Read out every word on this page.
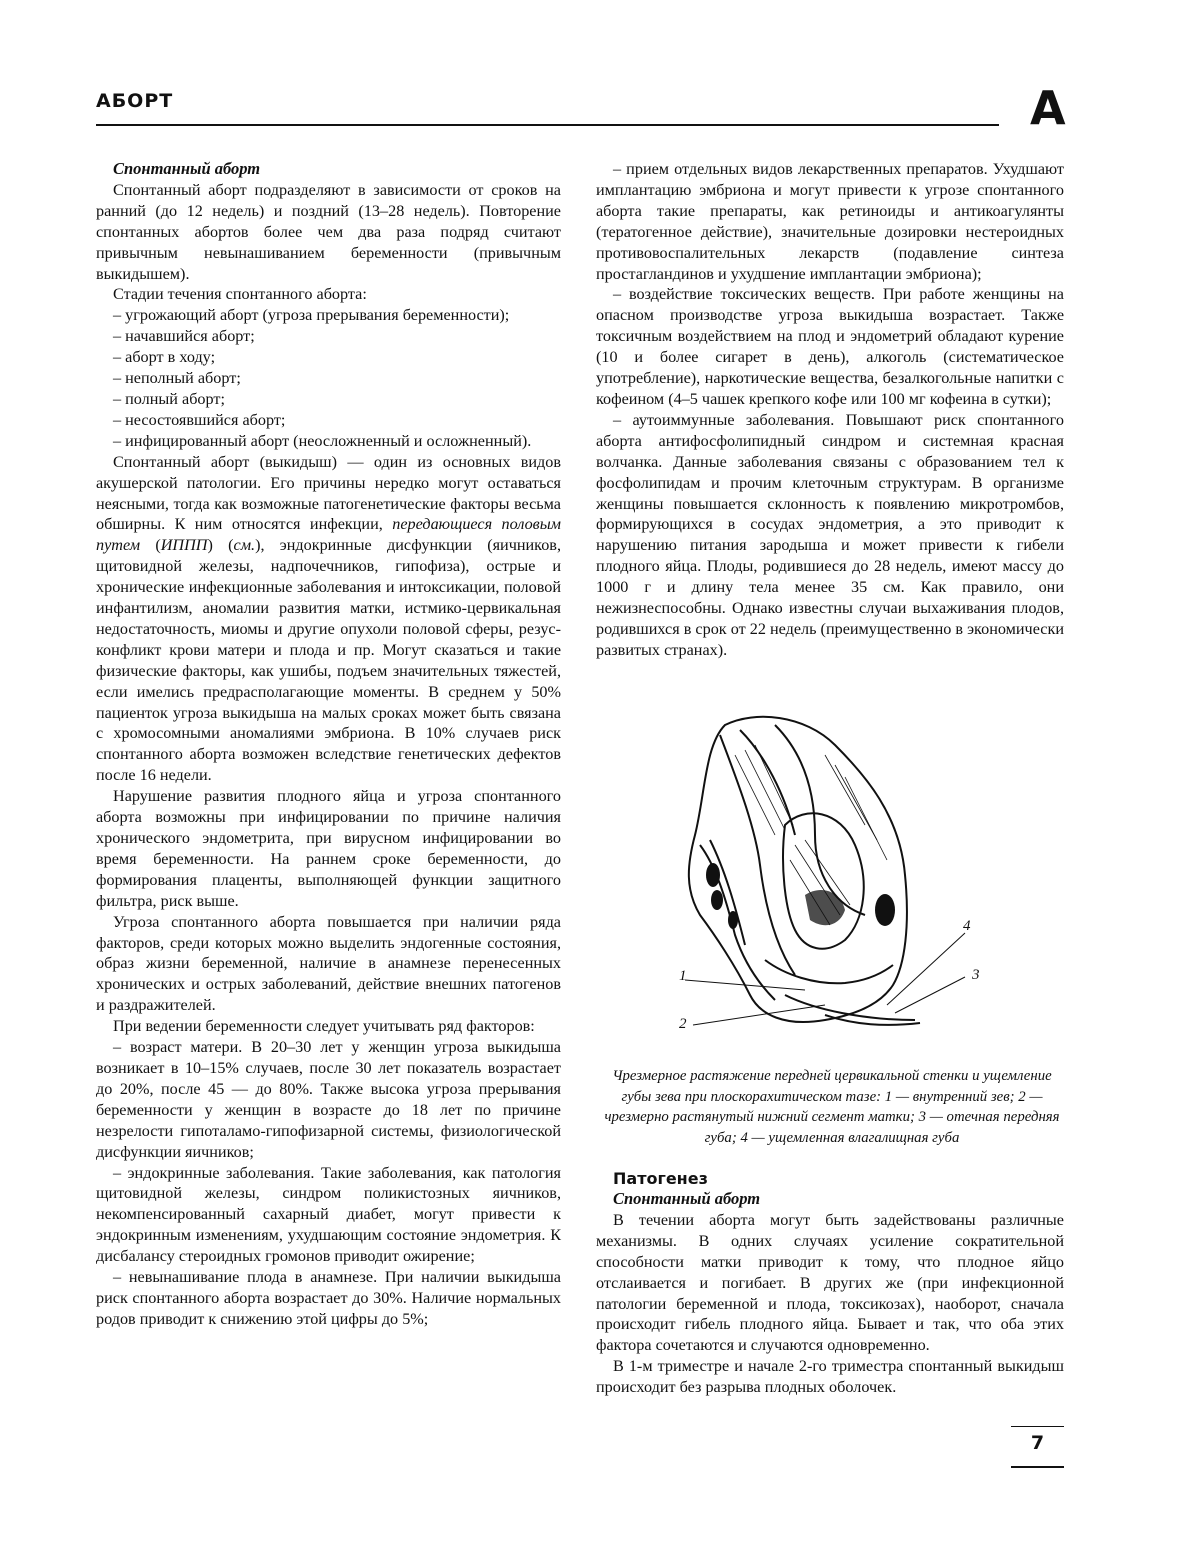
АБОРТ	А

Спонтанный аборт

Спонтанный аборт подразделяют в зависимости от сроков на ранний (до 12 недель) и поздний (13–28 недель). Повторение спонтанных абортов более чем два раза подряд считают привычным невынашиванием беременности (привычным выкидышем).

Стадии течения спонтанного аборта:

– угрожающий аборт (угроза прерывания беременности);

– начавшийся аборт;

– аборт в ходу;

– неполный аборт;

– полный аборт;

– несостоявшийся аборт;

– инфицированный аборт (неосложненный и осложненный).

Спонтанный аборт (выкидыш) — один из основных видов акушерской патологии. Его причины нередко могут оставаться неясными, тогда как возможные патогенетические факторы весьма обширны. К ним относятся инфекции, передающиеся половым путем (ИППП) (см.), эндокринные дисфункции (яичников, щитовидной железы, надпочечников, гипофиза), острые и хронические инфекционные заболевания и интоксикации, половой инфантилизм, аномалии развития матки, истмико-цервикальная недостаточность, миомы и другие опухоли половой сферы, резус-конфликт крови матери и плода и пр. Могут сказаться и такие физические факторы, как ушибы, подъем значительных тяжестей, если имелись предрасполагающие моменты. В среднем у 50% пациенток угроза выкидыша на малых сроках может быть связана с хромосомными аномалиями эмбриона. В 10% случаев риск спонтанного аборта возможен вследствие генетических дефектов после 16 недели.

Нарушение развития плодного яйца и угроза спонтанного аборта возможны при инфицировании по причине наличия хронического эндометрита, при вирусном инфицировании во время беременности. На раннем сроке беременности, до формирования плаценты, выполняющей функции защитного фильтра, риск выше.

Угроза спонтанного аборта повышается при наличии ряда факторов, среди которых можно выделить эндогенные состояния, образ жизни беременной, наличие в анамнезе перенесенных хронических и острых заболеваний, действие внешних патогенов и раздражителей.

При ведении беременности следует учитывать ряд факторов:

– возраст матери. В 20–30 лет у женщин угроза выкидыша возникает в 10–15% случаев, после 30 лет показатель возрастает до 20%, после 45 — до 80%. Также высока угроза прерывания беременности у женщин в возрасте до 18 лет по причине незрелости гипоталамо-гипофизарной системы, физиологической дисфункции яичников;

– эндокринные заболевания. Такие заболевания, как патология щитовидной железы, синдром поликистозных яичников, некомпенсированный сахарный диабет, могут привести к эндокринным изменениям, ухудшающим состояние эндометрия. К дисбалансу стероидных громонов приводит ожирение;

– невынашивание плода в анамнезе. При наличии выкидыша риск спонтанного аборта возрастает до 30%. Наличие нормальных родов приводит к снижению этой цифры до 5%;

– прием отдельных видов лекарственных препаратов. Ухудшают имплантацию эмбриона и могут привести к угрозе спонтанного аборта такие препараты, как ретиноиды и антикоагулянты (тератогенное действие), значительные дозировки нестероидных противовоспалительных лекарств (подавление синтеза простагландинов и ухудшение имплантации эмбриона);

– воздействие токсических веществ. При работе женщины на опасном производстве угроза выкидыша возрастает. Также токсичным воздействием на плод и эндометрий обладают курение (10 и более сигарет в день), алкоголь (систематическое употребление), наркотические вещества, безалкогольные напитки с кофеином (4–5 чашек крепкого кофе или 100 мг кофеина в сутки);

– аутоиммунные заболевания. Повышают риск спонтанного аборта антифосфолипидный синдром и системная красная волчанка. Данные заболевания связаны с образованием тел к фосфолипидам и прочим клеточным структурам. В организме женщины повышается склонность к появлению микротромбов, формирующихся в сосудах эндометрия, а это приводит к нарушению питания зародыша и может привести к гибели плодного яйца. Плоды, родившиеся до 28 недель, имеют массу до 1000 г и длину тела менее 35 см. Как правило, они нежизнеспособны. Однако известны случаи выхаживания плодов, родившихся в срок от 22 недель (преимущественно в экономически развитых странах).

1
2
3
4
Чрезмерное растяжение передней цервикальной стенки и ущемление губы зева при плоскорахитическом тазе: 1 — внутренний зев; 2 — чрезмерно растянутый нижний сегмент матки; 3 — отечная передняя губа; 4 — ущемленная влагалищная губа

Патогенез

Спонтанный аборт

В течении аборта могут быть задействованы различные механизмы. В одних случаях усиление сократительной способности матки приводит к тому, что плодное яйцо отслаивается и погибает. В других же (при инфекционной патологии беременной и плода, токсикозах), наоборот, сначала происходит гибель плодного яйца. Бывает и так, что оба этих фактора сочетаются и случаются одновременно.

В 1-м триместре и начале 2-го триместра спонтанный выкидыш происходит без разрыва плодных оболочек.

7
